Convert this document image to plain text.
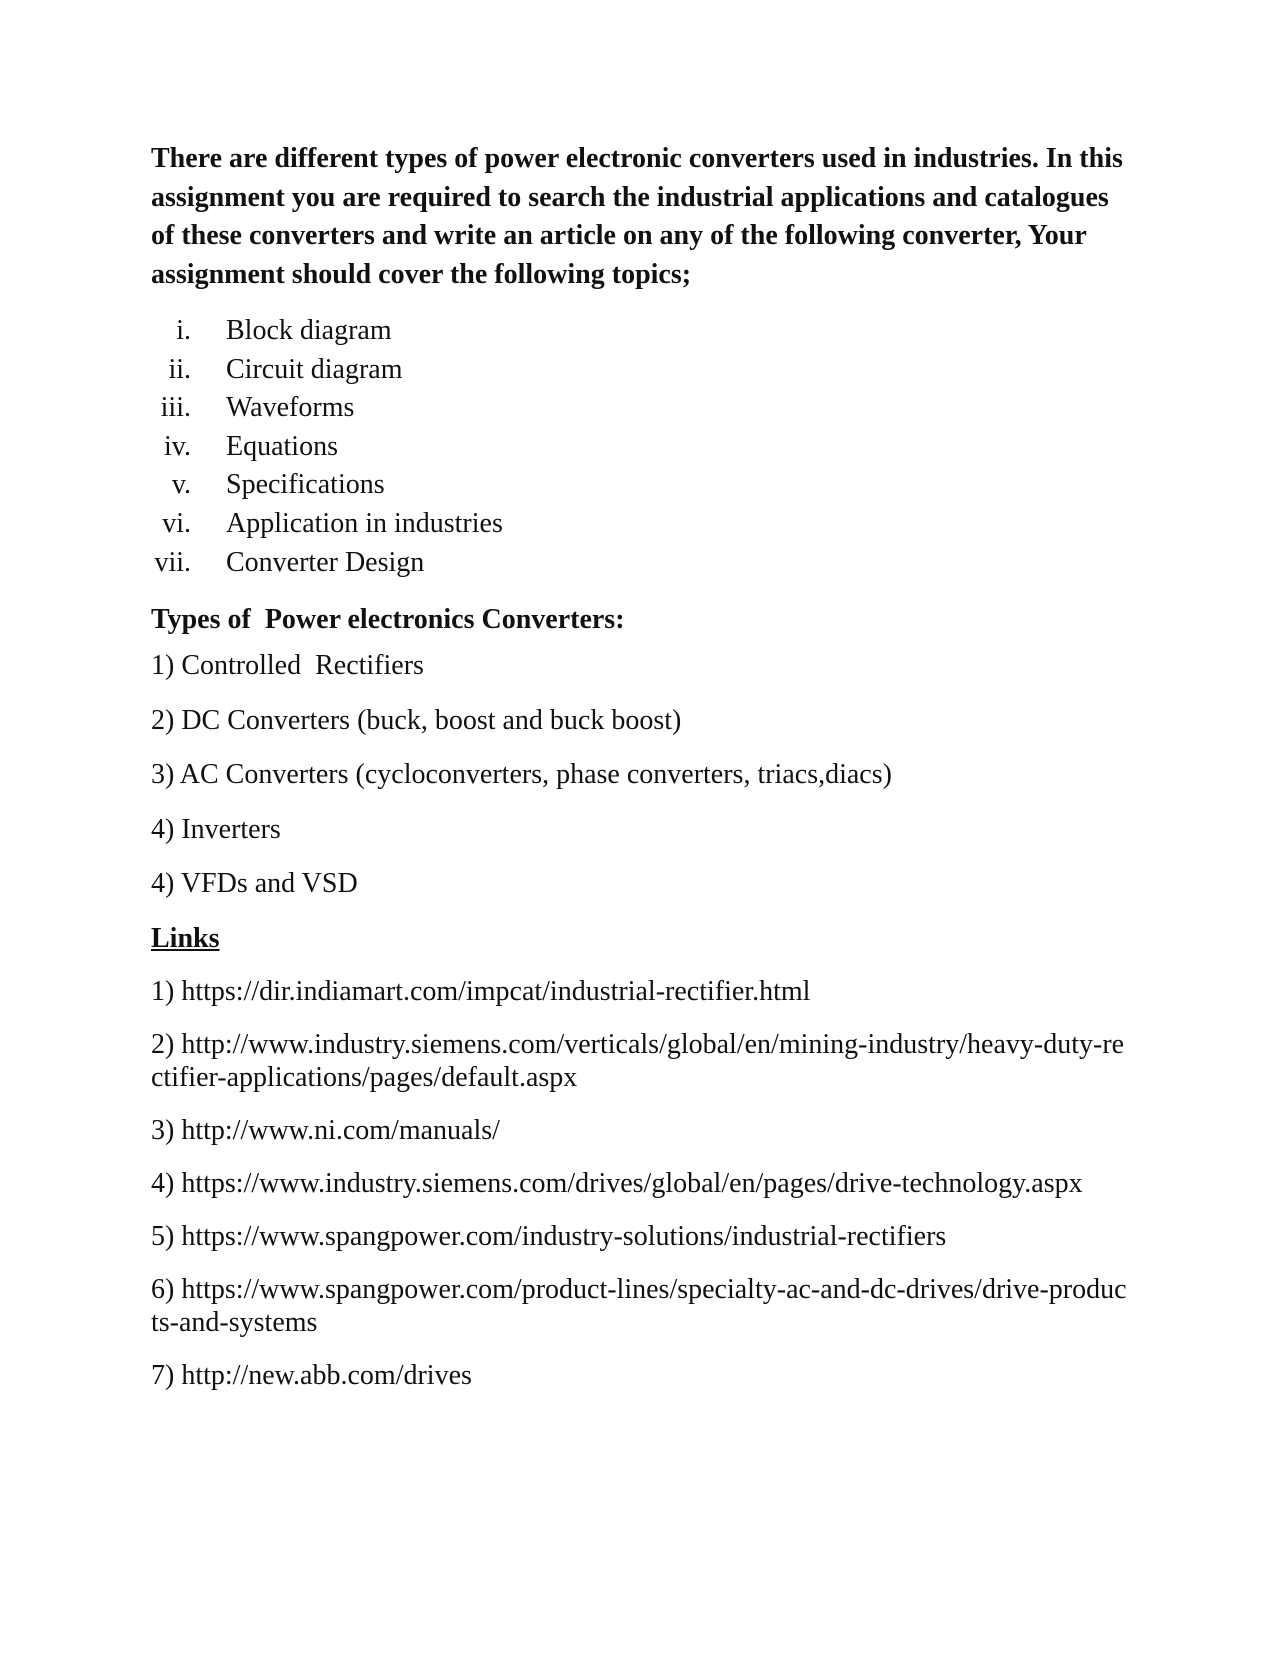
There are different types of power electronic converters used in industries. In this assignment you are required to search the industrial applications and catalogues of these converters and write an article on any of the following converter, Your assignment should cover the following topics;

i. Block diagram
ii. Circuit diagram
iii. Waveforms
iv. Equations
v. Specifications
vi. Application in industries
vii. Converter Design

Types of  Power electronics Converters:

1) Controlled  Rectifiers
2) DC Converters (buck, boost and buck boost)
3) AC Converters (cycloconverters, phase converters, triacs,diacs)
4) Inverters
4) VFDs and VSD

Links

1) https://dir.indiamart.com/impcat/industrial-rectifier.html
2) http://www.industry.siemens.com/verticals/global/en/mining-industry/heavy-duty-rectifier-applications/pages/default.aspx
3) http://www.ni.com/manuals/
4) https://www.industry.siemens.com/drives/global/en/pages/drive-technology.aspx
5) https://www.spangpower.com/industry-solutions/industrial-rectifiers
6) https://www.spangpower.com/product-lines/specialty-ac-and-dc-drives/drive-products-and-systems
7) http://new.abb.com/drives
